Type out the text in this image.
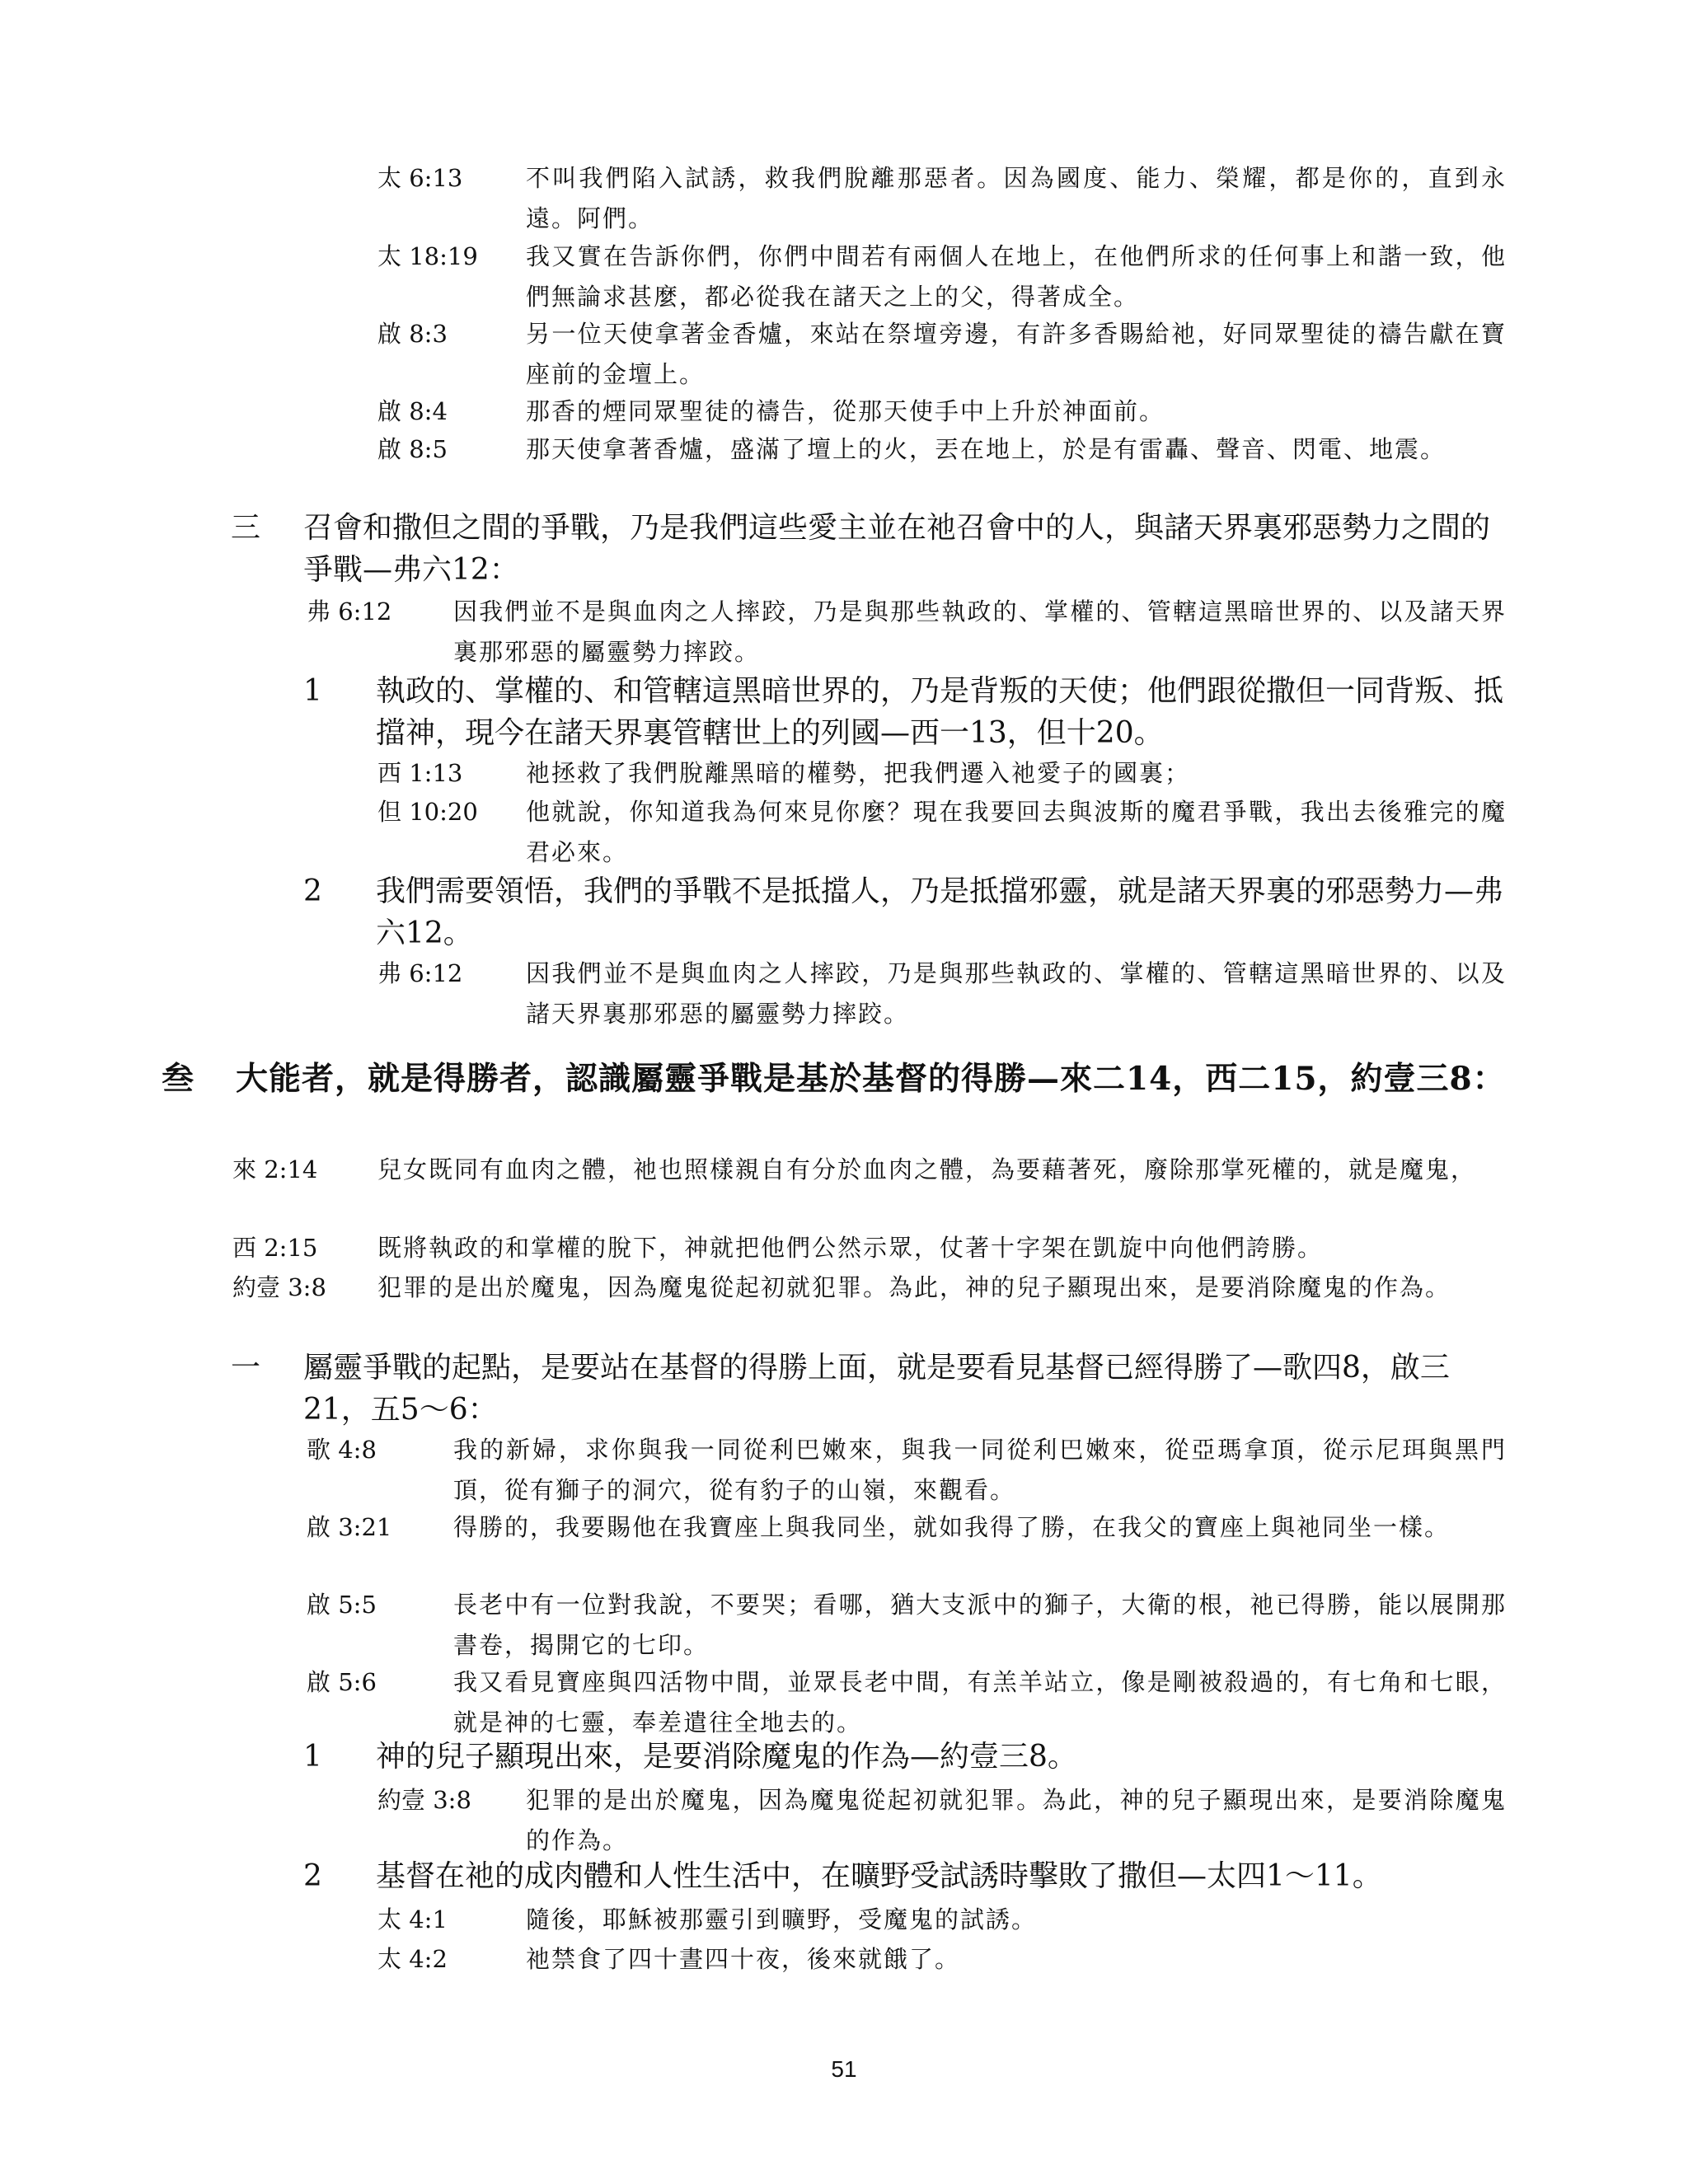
太 6:13	不叫我們陷入試誘，救我們脫離那惡者。因為國度、能力、榮耀，都是你的，直到永遠。阿們。
太 18:19 我又實在告訴你們，你們中間若有兩個人在地上，在他們所求的任何事上和諧一致，他們無論求甚麼，都必從我在諸天之上的父，得著成全。
啟 8:3	另一位天使拿著金香爐，來站在祭壇旁邊，有許多香賜給祂，好同眾聖徒的禱告獻在寶座前的金壇上。
啟 8:4	那香的煙同眾聖徒的禱告，從那天使手中上升於神面前。
啟 8:5	那天使拿著香爐，盛滿了壇上的火，丟在地上，於是有雷轟、聲音、閃電、地震。
三 召會和撒但之間的爭戰，乃是我們這些愛主並在祂召會中的人，與諸天界裏邪惡勢力之間的爭戰—弗六12：
弗 6:12	因我們並不是與血肉之人摔跤，乃是與那些執政的、掌權的、管轄這黑暗世界的、以及諸天界裏那邪惡的屬靈勢力摔跤。
1 執政的、掌權的、和管轄這黑暗世界的，乃是背叛的天使；他們跟從撒但一同背叛、抵擋神，現今在諸天界裏管轄世上的列國—西一13，但十20。
西 1:13	祂拯救了我們脫離黑暗的權勢，把我們遷入祂愛子的國裏；
但 10:20 他就說，你知道我為何來見你麼？現在我要回去與波斯的魔君爭戰，我出去後雅完的魔君必來。
2 我們需要領悟，我們的爭戰不是抵擋人，乃是抵擋邪靈，就是諸天界裏的邪惡勢力—弗六12。
弗 6:12	因我們並不是與血肉之人摔跤，乃是與那些執政的、掌權的、管轄這黑暗世界的、以及諸天界裏那邪惡的屬靈勢力摔跤。
叁 大能者，就是得勝者，認識屬靈爭戰是基於基督的得勝—來二14，西二15，約壹三8：
來 2:14	兒女既同有血肉之體，祂也照樣親自有分於血肉之體，為要藉著死，廢除那掌死權的，就是魔鬼，
西 2:15	既將執政的和掌權的脫下，神就把他們公然示眾，仗著十字架在凱旋中向他們誇勝。
約壹 3:8 犯罪的是出於魔鬼，因為魔鬼從起初就犯罪。為此，神的兒子顯現出來，是要消除魔鬼的作為。
一 屬靈爭戰的起點，是要站在基督的得勝上面，就是要看見基督已經得勝了—歌四8，啟三21，五5～6：
歌 4:8	我的新婦，求你與我一同從利巴嫩來，與我一同從利巴嫩來，從亞瑪拿頂，從示尼珥與黑門頂，從有獅子的洞穴，從有豹子的山嶺，來觀看。
啟 3:21	得勝的，我要賜他在我寶座上與我同坐，就如我得了勝，在我父的寶座上與祂同坐一樣。
啟 5:5	長老中有一位對我說，不要哭；看哪，猶大支派中的獅子，大衛的根，祂已得勝，能以展開那書卷，揭開它的七印。
啟 5:6	我又看見寶座與四活物中間，並眾長老中間，有羔羊站立，像是剛被殺過的，有七角和七眼，就是神的七靈，奉差遣往全地去的。
1 神的兒子顯現出來，是要消除魔鬼的作為—約壹三8。
約壹 3:8 犯罪的是出於魔鬼，因為魔鬼從起初就犯罪。為此，神的兒子顯現出來，是要消除魔鬼的作為。
2 基督在祂的成肉體和人性生活中，在曠野受試誘時擊敗了撒但—太四1～11。
太 4:1	隨後，耶穌被那靈引到曠野，受魔鬼的試誘。
太 4:2	祂禁食了四十晝四十夜，後來就餓了。
51
